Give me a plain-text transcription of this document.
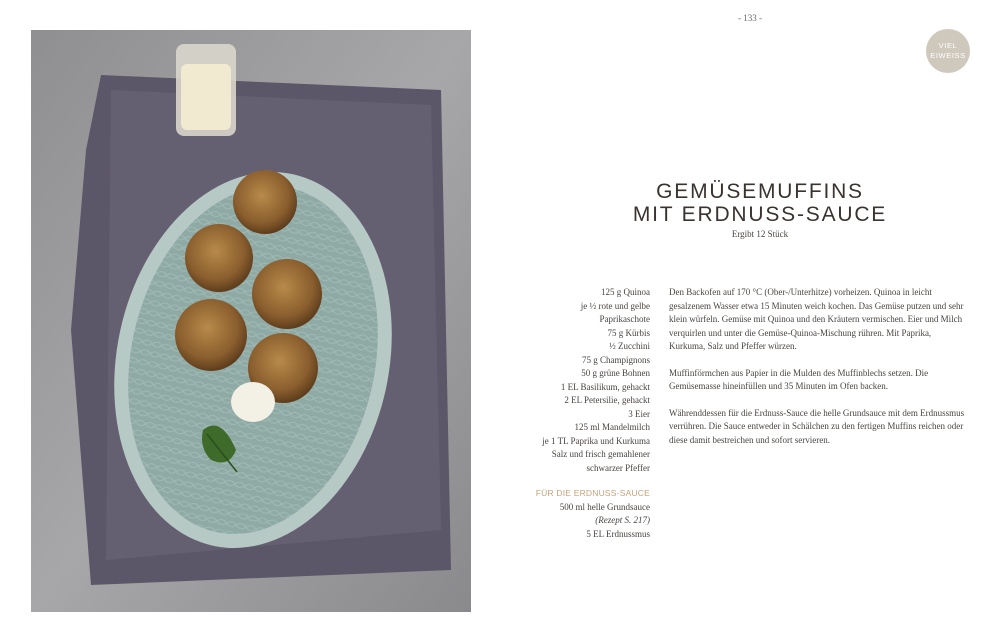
- 133 -
VIEL
EIWEISS
GEMÜSEMUFFINS
MIT ERDNUSS-SAUCE
Ergibt 12 Stück
125 g Quinoa
je ½ rote und gelbe
Paprikaschote
75 g Kürbis
½ Zucchini
75 g Champignons
50 g grüne Bohnen
1 EL Basilikum, gehackt
2 EL Petersilie, gehackt
3 Eier
125 ml Mandelmilch
je 1 TL Paprika und Kurkuma
Salz und frisch gemahlener
schwarzer Pfeffer
FÜR DIE ERDNUSS-SAUCE
500 ml helle Grundsauce
(Rezept S. 217)
5 EL Erdnussmus

Den Backofen auf 170 °C (Ober-/Unterhitze) vorheizen. Quinoa in leicht gesalzenem Wasser etwa 15 Minuten weich kochen. Das Gemüse putzen und sehr klein würfeln. Gemüse mit Quinoa und den Kräutern vermischen. Eier und Milch verquirlen und unter die Gemüse-Quinoa-Mischung rühren. Mit Paprika, Kurkuma, Salz und Pfeffer würzen.

Muffinförmchen aus Papier in die Mulden des Muffinblechs setzen. Die Gemüsemasse hineinfüllen und 35 Minuten im Ofen backen.

Währenddessen für die Erdnuss-Sauce die helle Grundsauce mit dem Erdnussmus verrühren. Die Sauce entweder in Schälchen zu den fertigen Muffins reichen oder diese damit bestreichen und sofort servieren.
